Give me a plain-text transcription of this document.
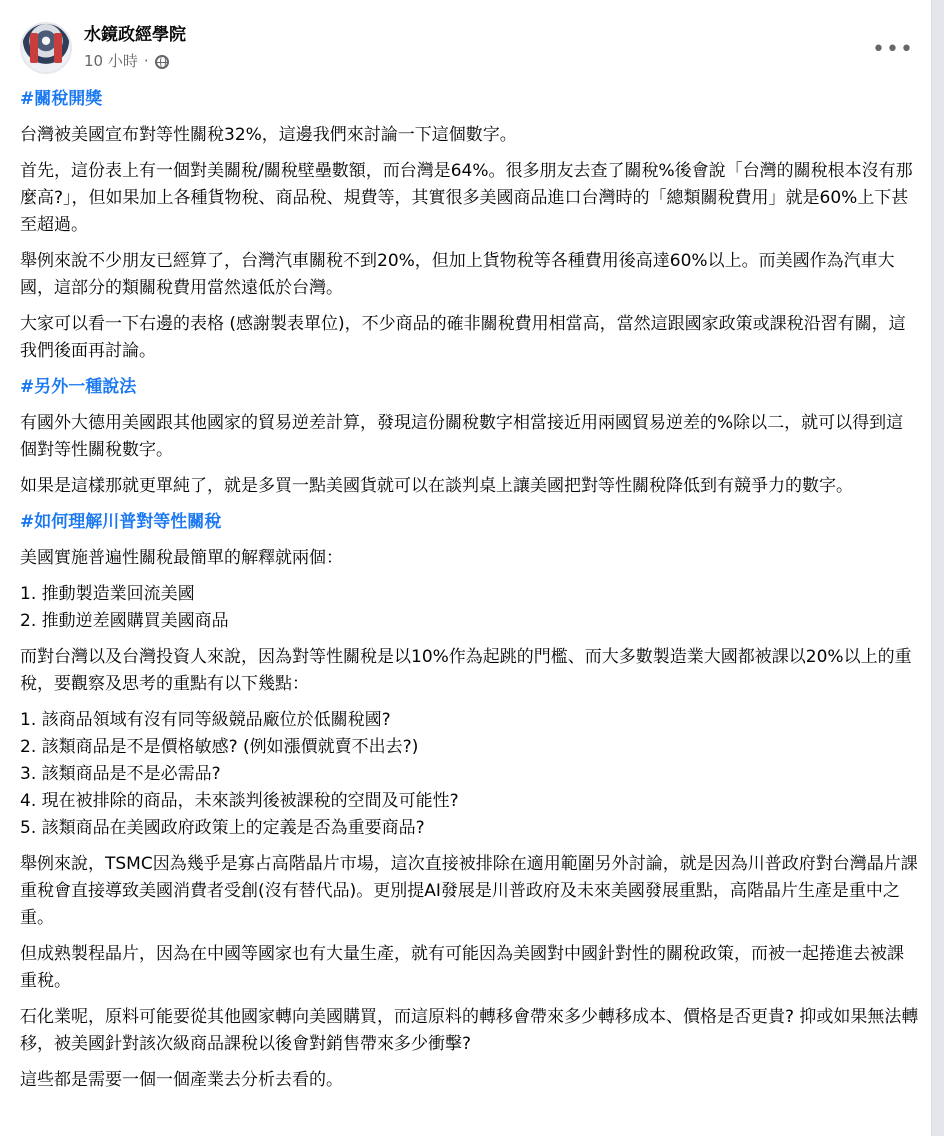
水鏡政經學院
10 小時 ·	•••
#關稅開獎

台灣被美國宣布對等性關稅32%，這邊我們來討論一下這個數字。

首先，這份表上有一個對美關稅/關稅壁壘數額，而台灣是64%。很多朋友去查了關稅%後會說「台灣的關稅根本沒有那麼高?」，但如果加上各種貨物稅、商品稅、規費等，其實很多美國商品進口台灣時的「總類關稅費用」就是60%上下甚至超過。

舉例來說不少朋友已經算了，台灣汽車關稅不到20%，但加上貨物稅等各種費用後高達60%以上。而美國作為汽車大國，這部分的類關稅費用當然遠低於台灣。

大家可以看一下右邊的表格 (感謝製表單位)，不少商品的確非關稅費用相當高，當然這跟國家政策或課稅沿習有關，這我們後面再討論。

#另外一種說法

有國外大德用美國跟其他國家的貿易逆差計算，發現這份關稅數字相當接近用兩國貿易逆差的%除以二，就可以得到這個對等性關稅數字。

如果是這樣那就更單純了，就是多買一點美國貨就可以在談判桌上讓美國把對等性關稅降低到有競爭力的數字。

#如何理解川普對等性關稅

美國實施普遍性關稅最簡單的解釋就兩個：

1. 推動製造業回流美國
2. 推動逆差國購買美國商品

而對台灣以及台灣投資人來說，因為對等性關稅是以10%作為起跳的門檻、而大多數製造業大國都被課以20%以上的重稅，要觀察及思考的重點有以下幾點：

1. 該商品領域有沒有同等級競品廠位於低關稅國?
2. 該類商品是不是價格敏感? (例如漲價就賣不出去?)
3. 該類商品是不是必需品?
4. 現在被排除的商品，未來談判後被課稅的空間及可能性?
5. 該類商品在美國政府政策上的定義是否為重要商品?

舉例來說，TSMC因為幾乎是寡占高階晶片市場，這次直接被排除在適用範圍另外討論，就是因為川普政府對台灣晶片課重稅會直接導致美國消費者受創(沒有替代品)。更別提AI發展是川普政府及未來美國發展重點，高階晶片生產是重中之重。

但成熟製程晶片，因為在中國等國家也有大量生產，就有可能因為美國對中國針對性的關稅政策，而被一起捲進去被課重稅。

石化業呢，原料可能要從其他國家轉向美國購買，而這原料的轉移會帶來多少轉移成本、價格是否更貴? 抑或如果無法轉移，被美國針對該次級商品課稅以後會對銷售帶來多少衝擊?

這些都是需要一個一個產業去分析去看的。
